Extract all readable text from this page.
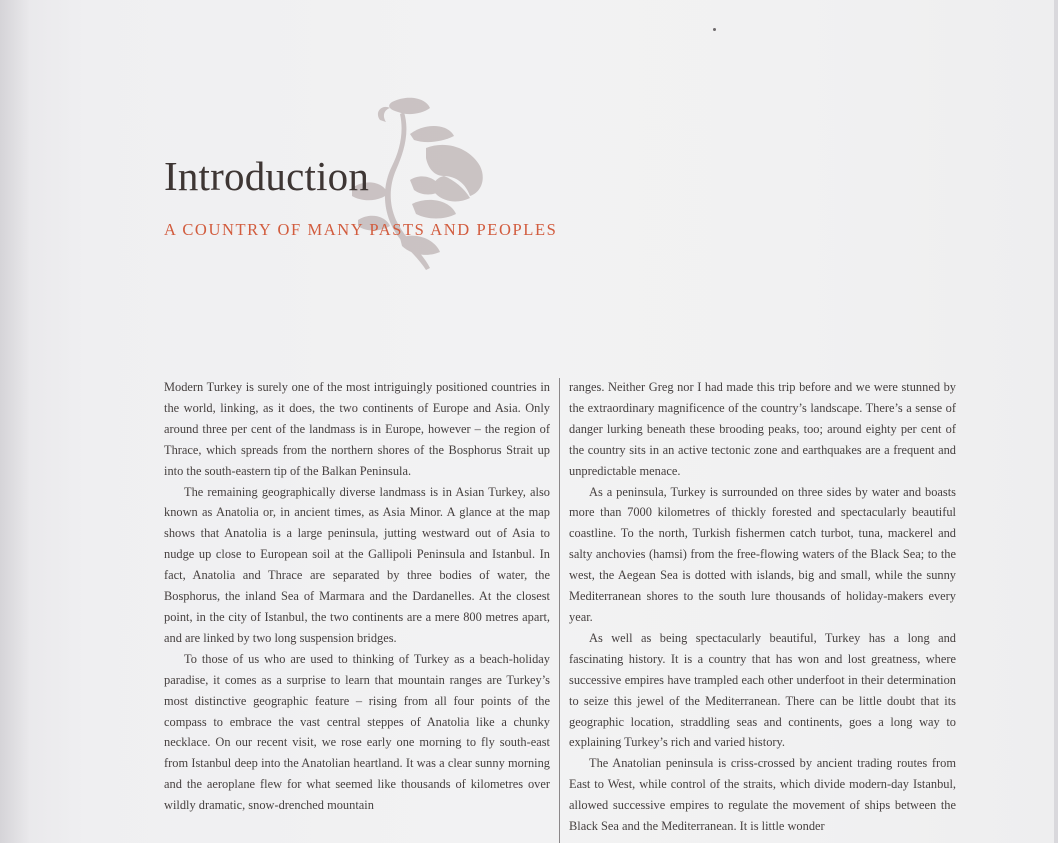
Introduction
A COUNTRY OF MANY PASTS AND PEOPLES

Modern Turkey is surely one of the most intriguingly positioned countries in the world, linking, as it does, the two continents of Europe and Asia. Only around three per cent of the landmass is in Europe, however – the region of Thrace, which spreads from the northern shores of the Bosphorus Strait up into the south-eastern tip of the Balkan Peninsula.

The remaining geographically diverse landmass is in Asian Turkey, also known as Anatolia or, in ancient times, as Asia Minor. A glance at the map shows that Anatolia is a large peninsula, jutting westward out of Asia to nudge up close to European soil at the Gallipoli Peninsula and Istanbul. In fact, Anatolia and Thrace are separated by three bodies of water, the Bosphorus, the inland Sea of Marmara and the Dardanelles. At the closest point, in the city of Istanbul, the two continents are a mere 800 metres apart, and are linked by two long suspension bridges.

To those of us who are used to thinking of Turkey as a beach-holiday paradise, it comes as a surprise to learn that mountain ranges are Turkey’s most distinctive geographic feature – rising from all four points of the compass to embrace the vast central steppes of Anatolia like a chunky necklace. On our recent visit, we rose early one morning to fly south-east from Istanbul deep into the Anatolian heartland. It was a clear sunny morning and the aeroplane flew for what seemed like thousands of kilometres over wildly dramatic, snow-drenched mountain

ranges. Neither Greg nor I had made this trip before and we were stunned by the extraordinary magnificence of the country’s landscape. There’s a sense of danger lurking beneath these brooding peaks, too; around eighty per cent of the country sits in an active tectonic zone and earthquakes are a frequent and unpredictable menace.

As a peninsula, Turkey is surrounded on three sides by water and boasts more than 7000 kilometres of thickly forested and spectacularly beautiful coastline. To the north, Turkish fishermen catch turbot, tuna, mackerel and salty anchovies (hamsi) from the free-flowing waters of the Black Sea; to the west, the Aegean Sea is dotted with islands, big and small, while the sunny Mediterranean shores to the south lure thousands of holiday-makers every year.

As well as being spectacularly beautiful, Turkey has a long and fascinating history. It is a country that has won and lost greatness, where successive empires have trampled each other underfoot in their determination to seize this jewel of the Mediterranean. There can be little doubt that its geographic location, straddling seas and continents, goes a long way to explaining Turkey’s rich and varied history.

The Anatolian peninsula is criss-crossed by ancient trading routes from East to West, while control of the straits, which divide modern-day Istanbul, allowed successive empires to regulate the movement of ships between the Black Sea and the Mediterranean. It is little wonder
